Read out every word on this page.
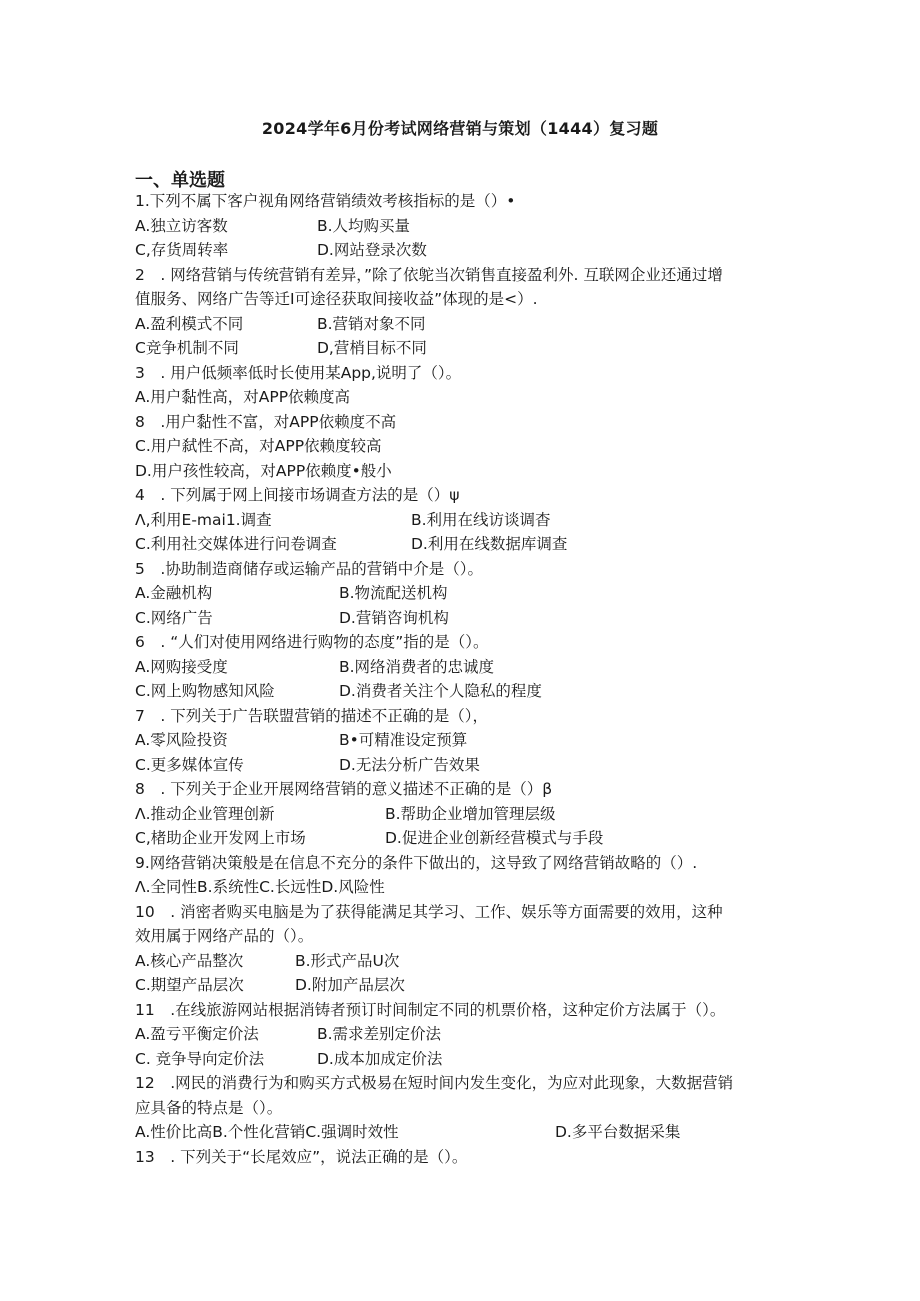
2024学年6月份考试网络营销与策划（1444）复习题
一、单选题
1.下列不属下客户视角网络营销绩效考核指标的是（）•
A.独立访客数	B.人均购买量
C,存货周转率	D.网站登录次数
2　. 网络营销与传统营销有差异，”除了依鸵当次销售直接盈利外. 互联网企业还通过增
值服务、网络广告等迁I可途径获取间接收益”体现的是<）.
A.盈利模式不同	B.营销对象不同
C竞争机制不同	D,营梢目标不同
3　. 用户低频率低时长使用某App,说明了（）。
A.用户黏性高，对APP依赖度高
8　.用户黏性不富，对APP依赖度不高
C.用户弑性不高，对APP依赖度较高
D.用户孩性较高，对APP依赖度•般小
4　. 下列属于网上间接市场调查方法的是（）ψ
Λ,利用E-mai1.调查	B.利用在线访谈调杳
C.利用社交媒体进行问卷调查	D.利用在线数据库调查
5　.协助制造商储存或运输产品的营销中介是（）。
A.金融机构	B.物流配送机构
C.网络广告	D.营销咨询机构
6　. “人们对使用网络进行购物的态度”指的是（）。
A.网购接受度	B.网络消费者的忠诚度
C.网上购物感知风险	D.消费者关注个人隐私的程度
7　. 下列关于广告联盟营销的描述不正确的是（），
A.零风险投资	B•可精准设定预算
C.更多媒体宣传	D.无法分析广告效果
8　. 下列关于企业开展网络营销的意义描述不正确的是（）β
Λ.推动企业管理创新	B.帮助企业增加管理层级
C,楮助企业开发网上市场	D.促进企业创新经营模式与手段
9.网络营销决策般是在信息不充分的条件下做出的，这导致了网络营销故略的（）.
Λ.全同性B.系统性C.长远性D.风险性
10　. 消密者购买电脑是为了获得能满足其学习、工作、娱乐等方面需要的效用，这种
效用属于网络产品的（）。
A.核心产品整次	B.形式产品U次
C.期望产品层次	D.附加产品层次
11　.在线旅游网站根据消铸者预订时间制定不同的机票价格，这种定价方法属于（）。
A.盈亏平衡定价法	B.需求差别定价法
C. 竞争导向定价法	D.成本加成定价法
12　.网民的消费行为和购买方式极易在短时间内发生变化，为应对此现象，大数据营销
应具备的特点是（）。
A.性价比高B.个性化营销C.强调时效性	D.多平台数据采集
13　. 下列关于“长尾效应”，说法正确的是（）。
